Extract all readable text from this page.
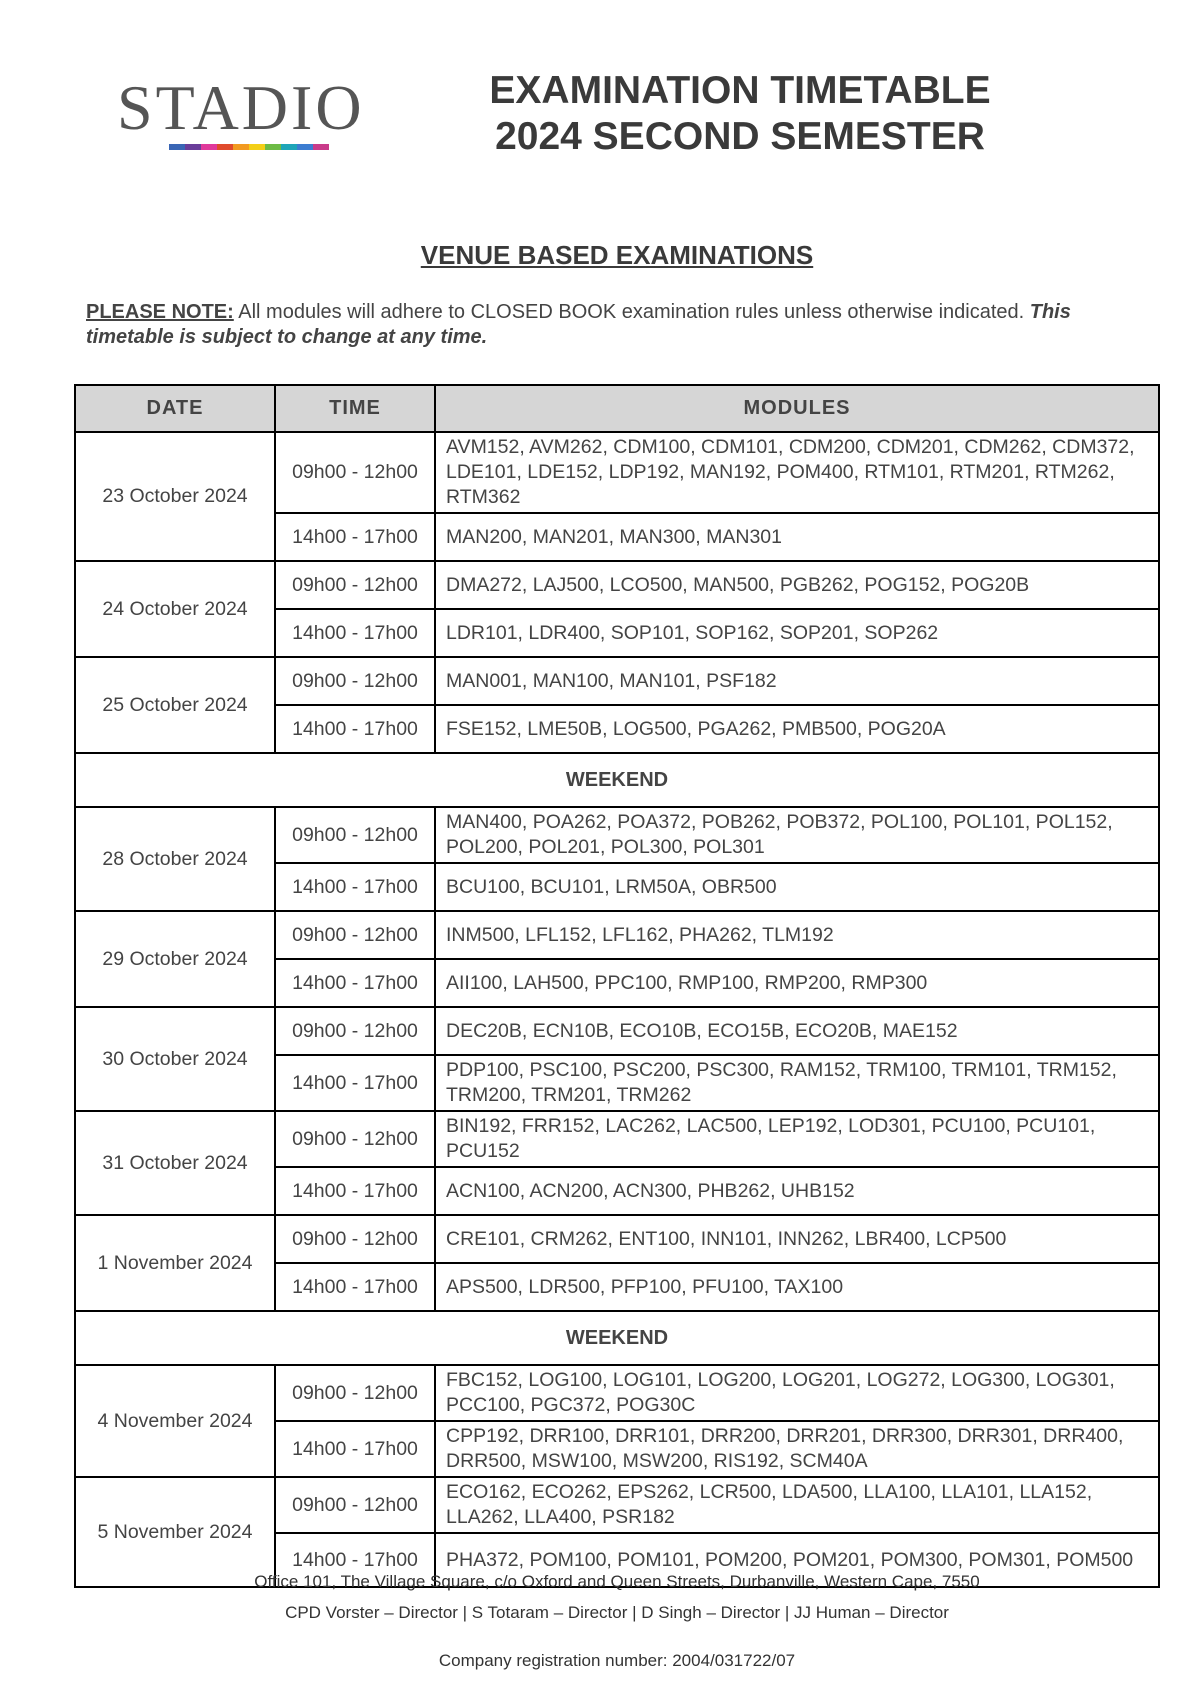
STADIO	EXAMINATION TIMETABLE
2024 SECOND SEMESTER
VENUE BASED EXAMINATIONS
PLEASE NOTE: All modules will adhere to CLOSED BOOK examination rules unless otherwise indicated. This timetable is subject to change at any time.
DATE	TIME	MODULES
23 October 2024	09h00 - 12h00	AVM152, AVM262, CDM100, CDM101, CDM200, CDM201, CDM262, CDM372, LDE101, LDE152, LDP192, MAN192, POM400, RTM101, RTM201, RTM262, RTM362
	14h00 - 17h00	MAN200, MAN201, MAN300, MAN301
24 October 2024	09h00 - 12h00	DMA272, LAJ500, LCO500, MAN500, PGB262, POG152, POG20B
	14h00 - 17h00	LDR101, LDR400, SOP101, SOP162, SOP201, SOP262
25 October 2024	09h00 - 12h00	MAN001, MAN100, MAN101, PSF182
	14h00 - 17h00	FSE152, LME50B, LOG500, PGA262, PMB500, POG20A
WEEKEND		
28 October 2024	09h00 - 12h00	MAN400, POA262, POA372, POB262, POB372, POL100, POL101, POL152, POL200, POL201, POL300, POL301
	14h00 - 17h00	BCU100, BCU101, LRM50A, OBR500
29 October 2024	09h00 - 12h00	INM500, LFL152, LFL162, PHA262, TLM192
	14h00 - 17h00	AII100, LAH500, PPC100, RMP100, RMP200, RMP300
30 October 2024	09h00 - 12h00	DEC20B, ECN10B, ECO10B, ECO15B, ECO20B, MAE152
	14h00 - 17h00	PDP100, PSC100, PSC200, PSC300, RAM152, TRM100, TRM101, TRM152, TRM200, TRM201, TRM262
31 October 2024	09h00 - 12h00	BIN192, FRR152, LAC262, LAC500, LEP192, LOD301, PCU100, PCU101, PCU152
	14h00 - 17h00	ACN100, ACN200, ACN300, PHB262, UHB152
1 November 2024	09h00 - 12h00	CRE101, CRM262, ENT100, INN101, INN262, LBR400, LCP500
	14h00 - 17h00	APS500, LDR500, PFP100, PFU100, TAX100
WEEKEND		
4 November 2024	09h00 - 12h00	FBC152, LOG100, LOG101, LOG200, LOG201, LOG272, LOG300, LOG301, PCC100, PGC372, POG30C
	14h00 - 17h00	CPP192, DRR100, DRR101, DRR200, DRR201, DRR300, DRR301, DRR400, DRR500, MSW100, MSW200, RIS192, SCM40A
5 November 2024	09h00 - 12h00	ECO162, ECO262, EPS262, LCR500, LDA500, LLA100, LLA101, LLA152, LLA262, LLA400, PSR182
	14h00 - 17h00	PHA372, POM100, POM101, POM200, POM201, POM300, POM301, POM500
Office 101, The Village Square, c/o Oxford and Queen Streets, Durbanville, Western Cape, 7550
CPD Vorster – Director | S Totaram – Director | D Singh – Director | JJ Human – Director
Company registration number: 2004/031722/07
